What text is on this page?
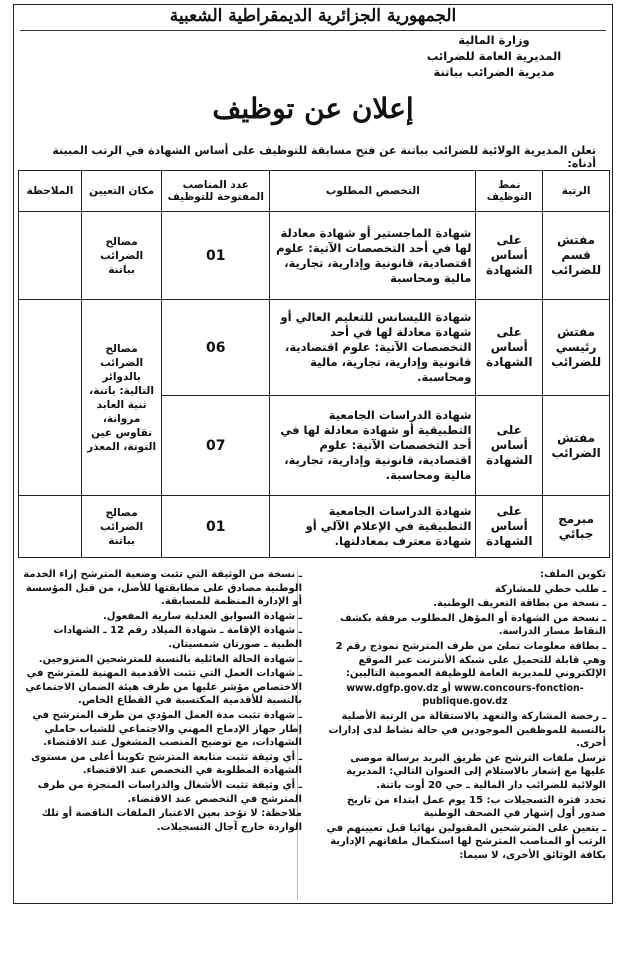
الجمهورية الجزائرية الديمقراطية الشعبية
وزارة المالية
المديرية العامة للضرائب
مديرية الضرائب بباتنة
إعلان عن توظيف
تعلن المديرية الولائية للضرائب بباتنة عن فتح مسابقة للتوظيف على أساس الشهادة في الرتب المبينة أدناه:
الرتبة	نمط التوظيف	التخصص المطلوب	عدد المناصب المفتوحة للتوظيف	مكان التعيين	الملاحظة
مفتش قسم للضرائب	على أساس الشهادة	شهادة الماجستير أو شهادة معادلة لها في أحد التخصصات الآتية: علوم اقتصادية، قانونية وإدارية، تجارية، مالية ومحاسبة	01	مصالح الضرائب بباتنة	
مفتش رئيسي للضرائب	على أساس الشهادة	شهادة الليسانس للتعليم العالي أو شهادة معادلة لها في أحد التخصصات الآتية: علوم اقتصادية، قانونية وإدارية، تجارية، مالية ومحاسبة.	06	مصالح الضرائب بالدوائر التالية: باتنة، ثنية العابد مروانة، نقاوس عين التوتة، المعذر	
مفتش الضرائب	على أساس الشهادة	شهادة الدراسات الجامعية التطبيقية أو شهادة معادلة لها في أحد التخصصات الآتية: علوم اقتصادية، قانونية وإدارية، تجارية، مالية ومحاسبة.	07		
مبرمج جبائي	على أساس الشهادة	شهادة الدراسات الجامعية التطبيقية في الإعلام الآلي أو شهادة معترف بمعادلتها.	01	مصالح الضرائب بباتنة	

تكوين الملف:

ـ طلب خطي للمشاركة

ـ نسخة من بطاقة التعريف الوطنية.

ـ نسخة من الشهادة أو المؤهل المطلوب مرفقة بكشف النقاط مسار الدراسة.

ـ بطاقة معلومات تملئ من طرف المترشح نموذج رقم 2 وهي قابلة للتحميل على شبكة الأنترنت عبر الموقع الإلكتروني للمديرية العامة للوظيفة العمومية التاليين:

www.dgfp.gov.dz أو www.concours-fonction-publique.gov.dz

ـ رخصة المشاركة والتعهد بالاستقالة من الرتبة الأصلية بالنسبة للموظفين الموجودين في حالة نشاط لدى إدارات أخرى.

ترسل ملفات الترشح عن طريق البريد برسالة موصى عليها مع إشعار بالاستلام إلى العنوان التالي: المديرية الولائية للضرائب دار المالية ـ حي 20 أوت باتنة.

تحدد فترة التسجيلات ب: 15 يوم عمل ابتداء من تاريخ صدور أول إشهار في الصحف الوطنية

ـ يتعين على المترشحين المقبولين نهائيا قبل تعيينهم في الرتب أو المناصب المترشح لها استكمال ملفاتهم الإدارية بكافة الوثائق الأخرى، لا سيما:

ـ نسخة من الوثيقة التي تثبت وضعية المترشح إزاء الخدمة الوطنية مصادق على مطابقتها للأصل، من قبل المؤسسة أو الإدارة المنظمة للمسابقة.

ـ شهادة السوابق العدلية سارية المفعول.

ـ شهادة الإقامة ـ شهادة الميلاد رقم 12 ـ الشهادات الطبية ـ صورتان شمسيتان.

ـ شهادة الحالة العائلية بالنسبة للمترشحين المتزوجين.

ـ شهادات العمل التي تثبت الأقدمية المهنية للمترشح في الاختصاص مؤشر عليها من طرف هيئة الضمان الاجتماعي بالنسبة للأقدمية المكتسبة في القطاع الخاص.

ـ شهادة تثبت مدة العمل المؤدي من طرف المترشح في إطار جهاز الإدماج المهني والاجتماعي للشباب حاملي الشهادات، مع توضيح المنصب المشغول عند الاقتضاء.

ـ أي وثيقة تثبت متابعة المترشح تكوينا أعلى من مستوى الشهادة المطلوبة في التخصص عند الاقتضاء.

ـ أي وثيقة تثبت الأشغال والدراسات المنجزة من طرف المترشح في التخصص عند الاقتضاء.

ملاحظة: لا تؤخذ بعين الاعتبار الملفات الناقصة أو تلك الواردة خارج آجال التسجيلات.
